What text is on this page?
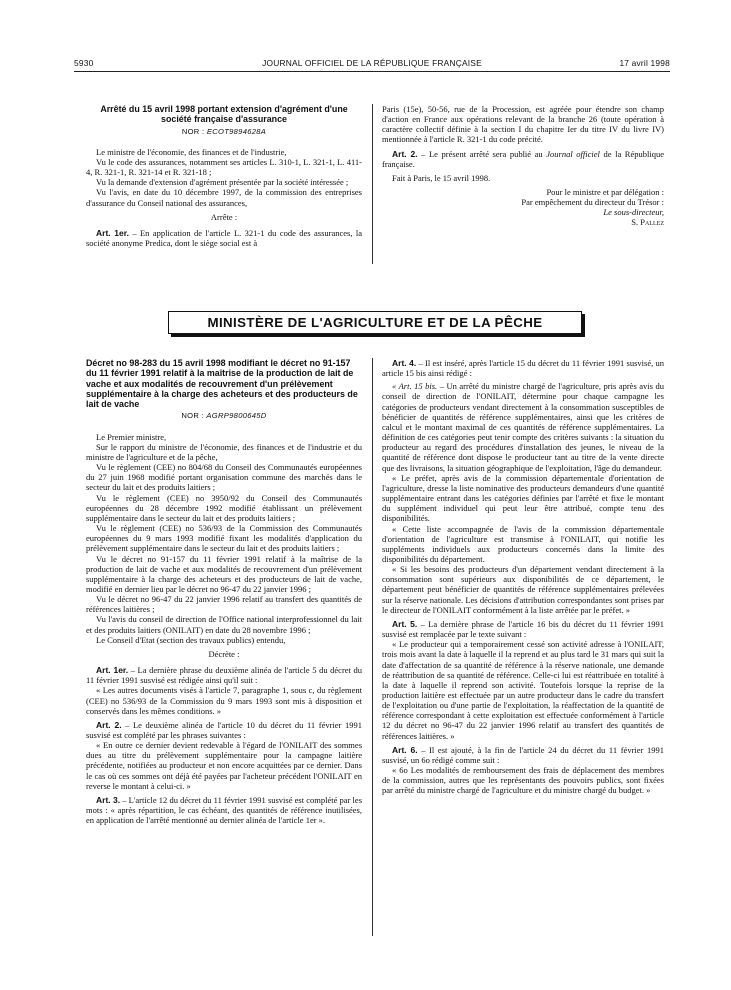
5930	JOURNAL OFFICIEL DE LA RÉPUBLIQUE FRANÇAISE	17 avril 1998
Arrêté du 15 avril 1998 portant extension d'agrément d'une société française d'assurance
NOR : ECOT9894628A

Le ministre de l'économie, des finances et de l'industrie,

Vu le code des assurances, notamment ses articles L. 310-1, L. 321-1, L. 411-4, R. 321-1, R. 321-14 et R. 321-18 ;

Vu la demande d'extension d'agrément présentée par la société intéressée ;

Vu l'avis, en date du 10 décembre 1997, de la commission des entreprises d'assurance du Conseil national des assurances,

Arrête :

Art. 1er. – En application de l'article L. 321-1 du code des assurances, la société anonyme Predica, dont le siège social est à

Paris (15e), 50-56, rue de la Procession, est agréée pour étendre son champ d'action en France aux opérations relevant de la branche 26 (toute opération à caractère collectif définie à la section I du chapitre Ier du titre IV du livre IV) mentionnée à l'article R. 321-1 du code précité.

Art. 2. – Le présent arrêté sera publié au Journal officiel de la République française.

Fait à Paris, le 15 avril 1998.

Pour le ministre et par délégation :
Par empêchement du directeur du Trésor :
Le sous-directeur,
S. Pallez
MINISTÈRE DE L'AGRICULTURE ET DE LA PÊCHE
Décret no 98-283 du 15 avril 1998 modifiant le décret no 91-157 du 11 février 1991 relatif à la maîtrise de la production de lait de vache et aux modalités de recouvrement d'un prélèvement supplémentaire à la charge des acheteurs et des producteurs de lait de vache
NOR : AGRP9800645D

Le Premier ministre,

Sur le rapport du ministre de l'économie, des finances et de l'industrie et du ministre de l'agriculture et de la pêche,

Vu le règlement (CEE) no 804/68 du Conseil des Communautés européennes du 27 juin 1968 modifié portant organisation commune des marchés dans le secteur du lait et des produits laitiers ;

Vu le règlement (CEE) no 3950/92 du Conseil des Communautés européennes du 28 décembre 1992 modifié établissant un prélèvement supplémentaire dans le secteur du lait et des produits laitiers ;

Vu le règlement (CEE) no 536/93 de la Commission des Communautés européennes du 9 mars 1993 modifié fixant les modalités d'application du prélèvement supplémentaire dans le secteur du lait et des produits laitiers ;

Vu le décret no 91-157 du 11 février 1991 relatif à la maîtrise de la production de lait de vache et aux modalités de recouvrement d'un prélèvement supplémentaire à la charge des acheteurs et des producteurs de lait de vache, modifié en dernier lieu par le décret no 96-47 du 22 janvier 1996 ;

Vu le décret no 96-47 du 22 janvier 1996 relatif au transfert des quantités de références laitières ;

Vu l'avis du conseil de direction de l'Office national interprofessionnel du lait et des produits laitiers (ONILAIT) en date du 28 novembre 1996 ;

Le Conseil d'Etat (section des travaux publics) entendu,

Décrète :

Art. 1er. – La dernière phrase du deuxième alinéa de l'article 5 du décret du 11 février 1991 susvisé est rédigée ainsi qu'il suit :

« Les autres documents visés à l'article 7, paragraphe 1, sous c, du règlement (CEE) no 536/93 de la Commission du 9 mars 1993 sont mis à disposition et conservés dans les mêmes conditions. »

Art. 2. – Le deuxième alinéa de l'article 10 du décret du 11 février 1991 susvisé est complété par les phrases suivantes :

« En outre ce dernier devient redevable à l'égard de l'ONILAIT des sommes dues au titre du prélèvement supplémentaire pour la campagne laitière précédente, notifiées au producteur et non encore acquittées par ce dernier. Dans le cas où ces sommes ont déjà été payées par l'acheteur précédent l'ONILAIT en reverse le montant à celui-ci. »

Art. 3. – L'article 12 du décret du 11 février 1991 susvisé est complété par les mots : « après répartition, le cas échéant, des quantités de référence inutilisées, en application de l'arrêté mentionné au dernier alinéa de l'article 1er ».

Art. 4. – Il est inséré, après l'article 15 du décret du 11 février 1991 susvisé, un article 15 bis ainsi rédigé :

« Art. 15 bis. – Un arrêté du ministre chargé de l'agriculture, pris après avis du conseil de direction de l'ONILAIT, détermine pour chaque campagne les catégories de producteurs vendant directement à la consommation susceptibles de bénéficier de quantités de référence supplémentaires, ainsi que les critères de calcul et le montant maximal de ces quantités de référence supplémentaires. La définition de ces catégories peut tenir compte des critères suivants : la situation du producteur au regard des procédures d'installation des jeunes, le niveau de la quantité de référence dont dispose le producteur tant au titre de la vente directe que des livraisons, la situation géographique de l'exploitation, l'âge du demandeur.

« Le préfet, après avis de la commission départementale d'orientation de l'agriculture, dresse la liste nominative des producteurs demandeurs d'une quantité supplémentaire entrant dans les catégories définies par l'arrêté et fixe le montant du supplément individuel qui peut leur être attribué, compte tenu des disponibilités.

« Cette liste accompagnée de l'avis de la commission départementale d'orientation de l'agriculture est transmise à l'ONILAIT, qui notifie les suppléments individuels aux producteurs concernés dans la limite des disponibilités du département.

« Si les besoins des producteurs d'un département vendant directement à la consommation sont supérieurs aux disponibilités de ce département, le département peut bénéficier de quantités de référence supplémentaires prélevées sur la réserve nationale. Les décisions d'attribution correspondantes sont prises par le directeur de l'ONILAIT conformément à la liste arrêtée par le préfet. »

Art. 5. – La dernière phrase de l'article 16 bis du décret du 11 février 1991 susvisé est remplacée par le texte suivant :

« Le producteur qui a temporairement cessé son activité adresse à l'ONILAIT, trois mois avant la date à laquelle il la reprend et au plus tard le 31 mars qui suit la date d'affectation de sa quantité de référence à la réserve nationale, une demande de réattribution de sa quantité de référence. Celle-ci lui est réattribuée en totalité à la date à laquelle il reprend son activité. Toutefois lorsque la reprise de la production laitière est effectuée par un autre producteur dans le cadre du transfert de l'exploitation ou d'une partie de l'exploitation, la réaffectation de la quantité de référence correspondant à cette exploitation est effectuée conformément à l'article 12 du décret no 96-47 du 22 janvier 1996 relatif au transfert des quantités de références laitières. »

Art. 6. – Il est ajouté, à la fin de l'article 24 du décret du 11 février 1991 susvisé, un 6o rédigé comme suit :

« 6o Les modalités de remboursement des frais de déplacement des membres de la commission, autres que les représentants des pouvoirs publics, sont fixées par arrêté du ministre chargé de l'agriculture et du ministre chargé du budget. »
